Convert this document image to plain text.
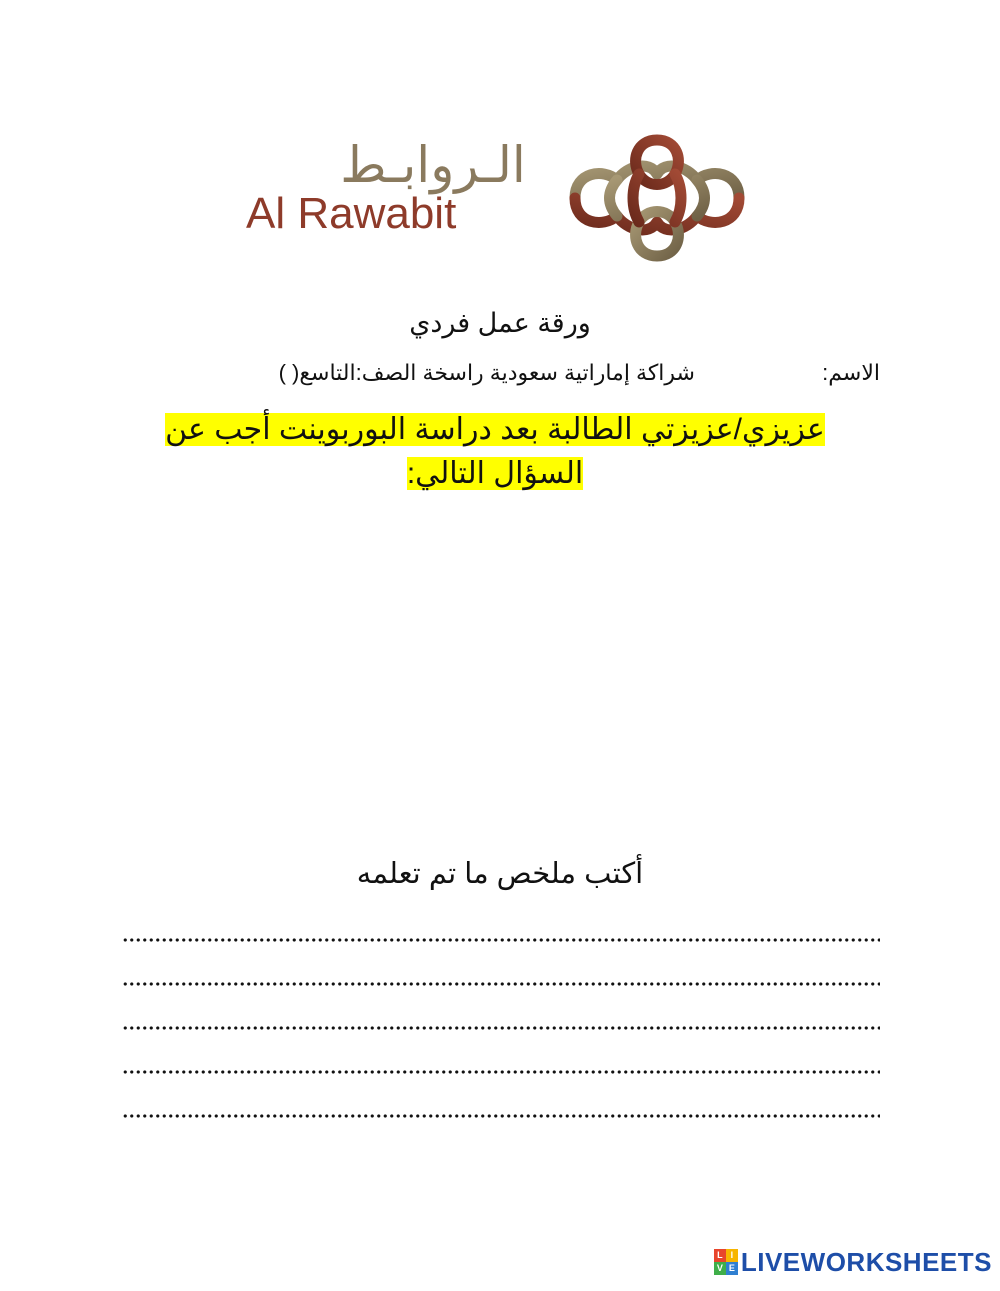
الـروابـط
Al Rawabit
ورقة عمل فردي
الاسم:
شراكة إماراتية سعودية راسخة الصف:التاسع( )
عزيزي/عزيزتي الطالبة بعد دراسة البوربوينت أجب عن السؤال التالي:
أكتب ملخص ما تم تعلمه
L I
V E LIVEWORKSHEETS
